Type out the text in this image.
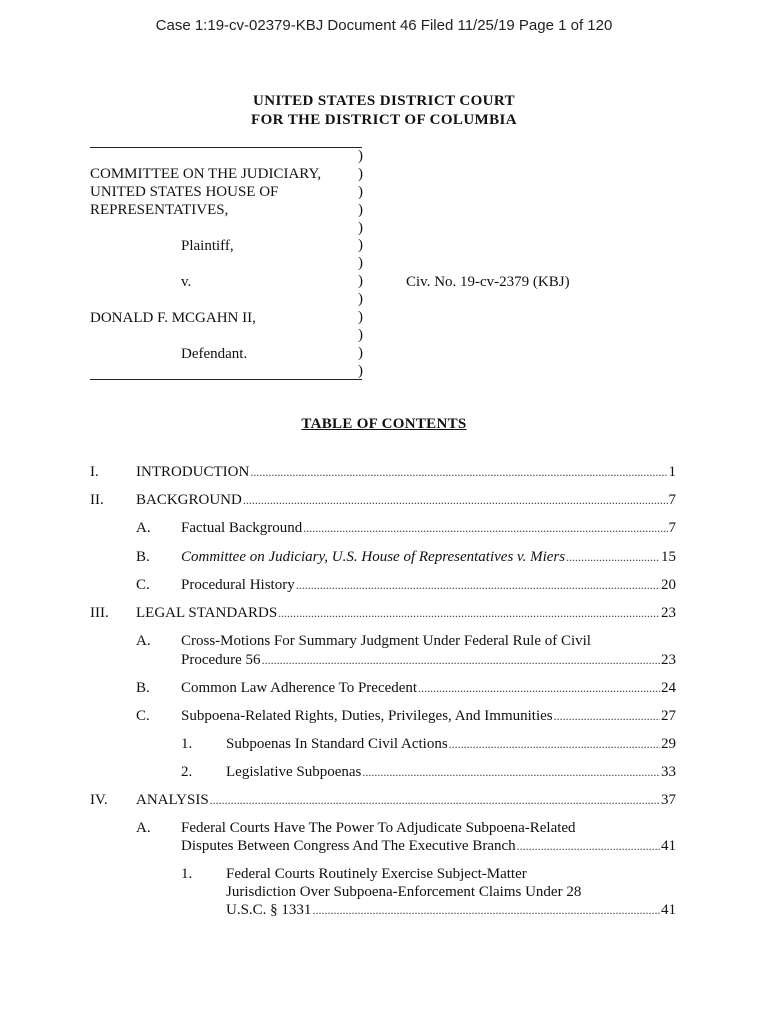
Case 1:19-cv-02379-KBJ Document 46 Filed 11/25/19 Page 1 of 120
UNITED STATES DISTRICT COURT
FOR THE DISTRICT OF COLUMBIA
)
)
)
)
)
)
)
)
)
)
)
)
)
COMMITTEE ON THE JUDICIARY,
UNITED STATES HOUSE OF
REPRESENTATIVES,
Plaintiff,
v.	Civ. No. 19-cv-2379 (KBJ)
DONALD F. MCGAHN II,
Defendant.
TABLE OF CONTENTS
I. INTRODUCTION .....	1
II. BACKGROUND .....	7
A. Factual Background .....	7
B. Committee on Judiciary, U.S. House of Representatives v. Miers .....	15
C. Procedural History .....	20
III. LEGAL STANDARDS .....	23
A. Cross-Motions For Summary Judgment Under Federal Rule of Civil
Procedure 56 .....	23
B. Common Law Adherence To Precedent .....	24
C. Subpoena-Related Rights, Duties, Privileges, And Immunities .....	27
1. Subpoenas In Standard Civil Actions .....	29
2. Legislative Subpoenas .....	33
IV. ANALYSIS .....	37
A. Federal Courts Have The Power To Adjudicate Subpoena-Related
Disputes Between Congress And The Executive Branch .....	41
1. Federal Courts Routinely Exercise Subject-Matter
Jurisdiction Over Subpoena-Enforcement Claims Under 28
U.S.C. § 1331 .....	41
